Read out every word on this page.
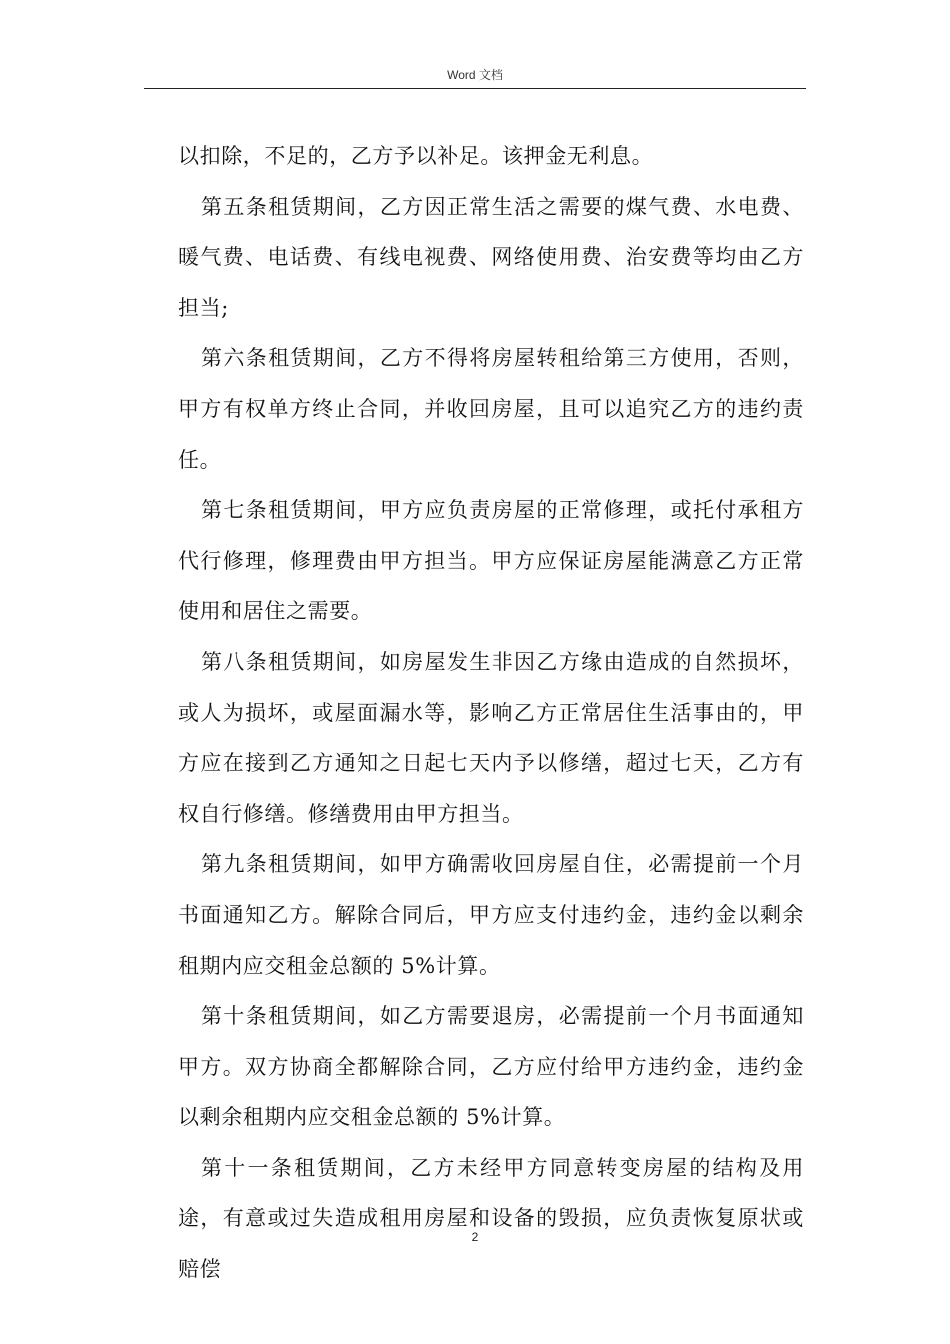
Word 文档

以扣除，不足的，乙方予以补足。该押金无利息。

第五条租赁期间，乙方因正常生活之需要的煤气费、水电费、暖气费、电话费、有线电视费、网络使用费、治安费等均由乙方担当;

第六条租赁期间，乙方不得将房屋转租给第三方使用，否则，甲方有权单方终止合同，并收回房屋，且可以追究乙方的违约责任。

第七条租赁期间，甲方应负责房屋的正常修理，或托付承租方代行修理，修理费由甲方担当。甲方应保证房屋能满意乙方正常使用和居住之需要。

第八条租赁期间，如房屋发生非因乙方缘由造成的自然损坏，或人为损坏，或屋面漏水等，影响乙方正常居住生活事由的，甲方应在接到乙方通知之日起七天内予以修缮，超过七天，乙方有权自行修缮。修缮费用由甲方担当。

第九条租赁期间，如甲方确需收回房屋自住，必需提前一个月书面通知乙方。解除合同后，甲方应支付违约金，违约金以剩余租期内应交租金总额的 5%计算。

第十条租赁期间，如乙方需要退房，必需提前一个月书面通知甲方。双方协商全都解除合同，乙方应付给甲方违约金，违约金以剩余租期内应交租金总额的 5%计算。

第十一条租赁期间，乙方未经甲方同意转变房屋的结构及用途，有意或过失造成租用房屋和设备的毁损，应负责恢复原状或赔偿

2
